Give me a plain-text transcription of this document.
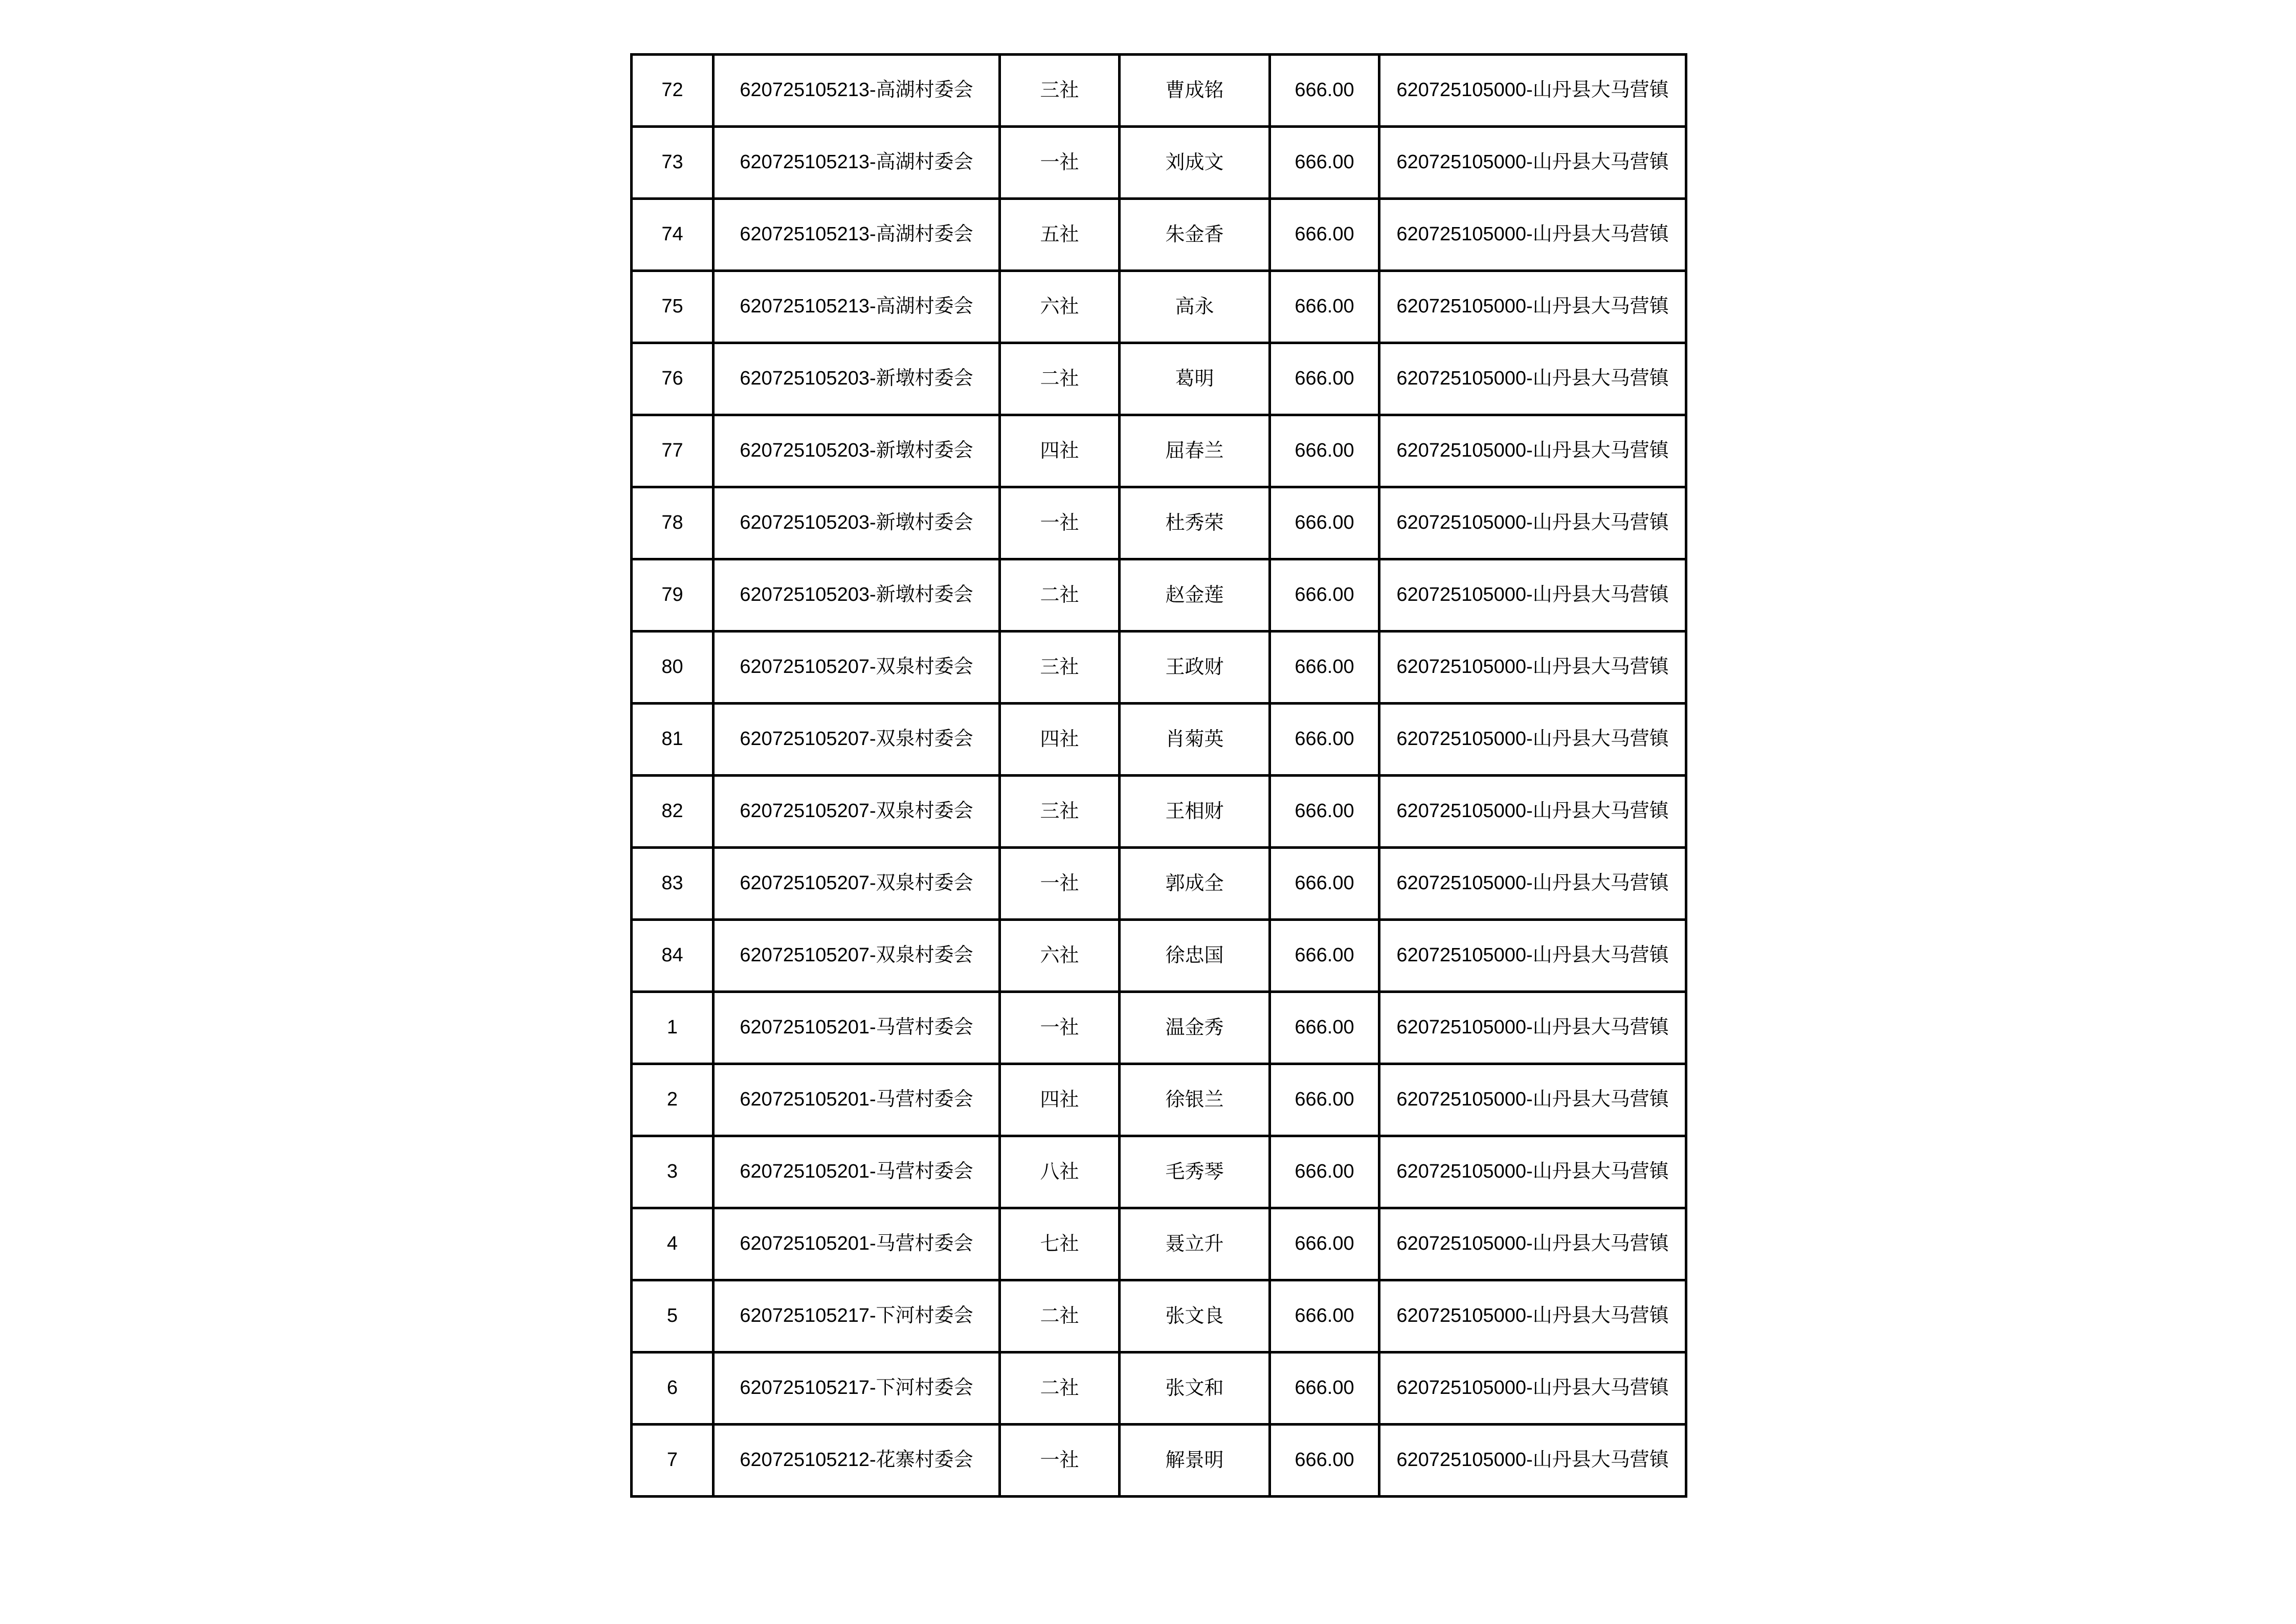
72	620725105213-高湖村委会	三社	曹成铭	666.00	620725105000-山丹县大马营镇
73	620725105213-高湖村委会	一社	刘成文	666.00	620725105000-山丹县大马营镇
74	620725105213-高湖村委会	五社	朱金香	666.00	620725105000-山丹县大马营镇
75	620725105213-高湖村委会	六社	高永	666.00	620725105000-山丹县大马营镇
76	620725105203-新墩村委会	二社	葛明	666.00	620725105000-山丹县大马营镇
77	620725105203-新墩村委会	四社	屈春兰	666.00	620725105000-山丹县大马营镇
78	620725105203-新墩村委会	一社	杜秀荣	666.00	620725105000-山丹县大马营镇
79	620725105203-新墩村委会	二社	赵金莲	666.00	620725105000-山丹县大马营镇
80	620725105207-双泉村委会	三社	王政财	666.00	620725105000-山丹县大马营镇
81	620725105207-双泉村委会	四社	肖菊英	666.00	620725105000-山丹县大马营镇
82	620725105207-双泉村委会	三社	王相财	666.00	620725105000-山丹县大马营镇
83	620725105207-双泉村委会	一社	郭成全	666.00	620725105000-山丹县大马营镇
84	620725105207-双泉村委会	六社	徐忠国	666.00	620725105000-山丹县大马营镇
1	620725105201-马营村委会	一社	温金秀	666.00	620725105000-山丹县大马营镇
2	620725105201-马营村委会	四社	徐银兰	666.00	620725105000-山丹县大马营镇
3	620725105201-马营村委会	八社	毛秀琴	666.00	620725105000-山丹县大马营镇
4	620725105201-马营村委会	七社	聂立升	666.00	620725105000-山丹县大马营镇
5	620725105217-下河村委会	二社	张文良	666.00	620725105000-山丹县大马营镇
6	620725105217-下河村委会	二社	张文和	666.00	620725105000-山丹县大马营镇
7	620725105212-花寨村委会	一社	解景明	666.00	620725105000-山丹县大马营镇
